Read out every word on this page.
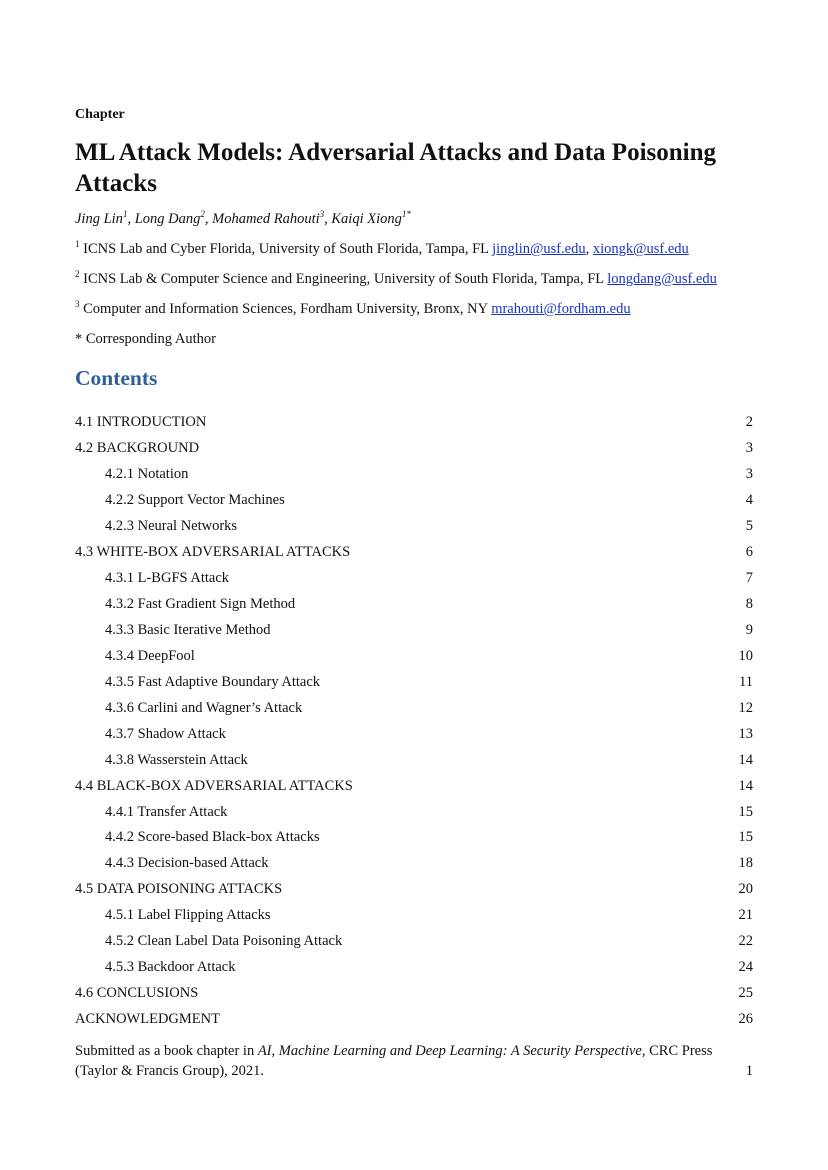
Chapter
ML Attack Models: Adversarial Attacks and Data Poisoning Attacks
Jing Lin$^1$, Long Dang$^2$, Mohamed Rahouti$^3$, Kaiqi Xiong$^{1*}$
$^1$ ICNS Lab and Cyber Florida, University of South Florida, Tampa, FL jinglin@usf.edu, xiongk@usf.edu
$^2$ ICNS Lab & Computer Science and Engineering, University of South Florida, Tampa, FL longdang@usf.edu
$^3$ Computer and Information Sciences, Fordham University, Bronx, NY mrahouti@fordham.edu
* Corresponding Author
Contents
4.1 INTRODUCTION	2
4.2 BACKGROUND	3
4.2.1 Notation	3
4.2.2 Support Vector Machines	4
4.2.3 Neural Networks	5
4.3 WHITE-BOX ADVERSARIAL ATTACKS	6
4.3.1 L-BGFS Attack	7
4.3.2 Fast Gradient Sign Method	8
4.3.3 Basic Iterative Method	9
4.3.4 DeepFool	10
4.3.5 Fast Adaptive Boundary Attack	11
4.3.6 Carlini and Wagner’s Attack	12
4.3.7 Shadow Attack	13
4.3.8 Wasserstein Attack	14
4.4 BLACK-BOX ADVERSARIAL ATTACKS	14
4.4.1 Transfer Attack	15
4.4.2 Score-based Black-box Attacks	15
4.4.3 Decision-based Attack	18
4.5 DATA POISONING ATTACKS	20
4.5.1 Label Flipping Attacks	21
4.5.2 Clean Label Data Poisoning Attack	22
4.5.3 Backdoor Attack	24
4.6 CONCLUSIONS	25
ACKNOWLEDGMENT	26
Submitted as a book chapter in AI, Machine Learning and Deep Learning: A Security Perspective, CRC Press
(Taylor & Francis Group), 2021.	1
